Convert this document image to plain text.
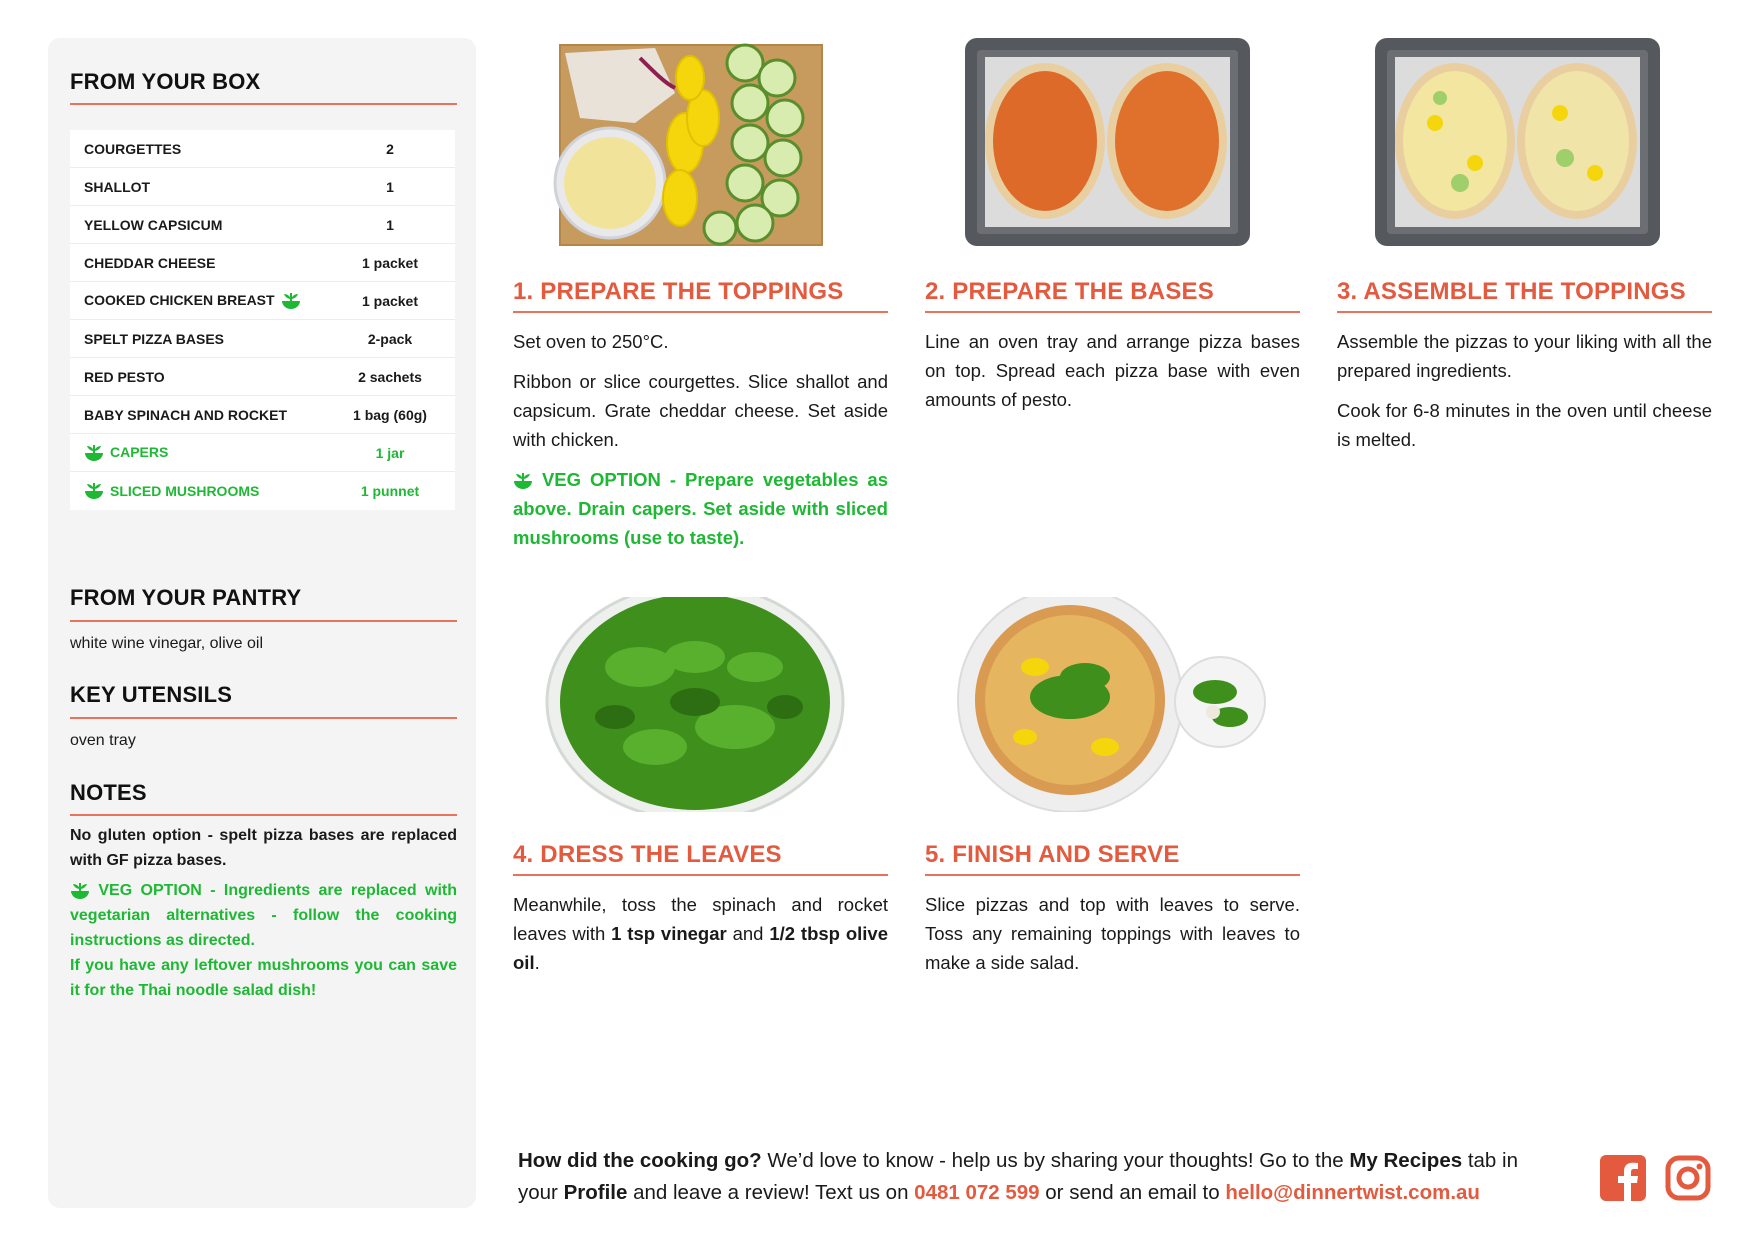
FROM YOUR BOX
COURGETTES	2
SHALLOT	1
YELLOW CAPSICUM	1
CHEDDAR CHEESE	1 packet
COOKED CHICKEN BREAST	1 packet
SPELT PIZZA BASES	2-pack
RED PESTO	2 sachets
BABY SPINACH AND ROCKET	1 bag (60g)
CAPERS	1 jar
SLICED MUSHROOMS	1 punnet
FROM YOUR PANTRY
white wine vinegar, olive oil
KEY UTENSILS
oven tray
NOTES
No gluten option - spelt pizza bases are replaced with GF pizza bases.
VEG OPTION - Ingredients are replaced with vegetarian alternatives - follow the cooking instructions as directed.
If you have any leftover mushrooms you can save it for the Thai noodle salad dish!
1. PREPARE THE TOPPINGS

Set oven to 250°C.

Ribbon or slice courgettes. Slice shallot and capsicum. Grate cheddar cheese. Set aside with chicken.

VEG OPTION - Prepare vegetables as above. Drain capers. Set aside with sliced mushrooms (use to taste).

2. PREPARE THE BASES

Line an oven tray and arrange pizza bases on top. Spread each pizza base with even amounts of pesto.

3. ASSEMBLE THE TOPPINGS

Assemble the pizzas to your liking with all the prepared ingredients.

Cook for 6-8 minutes in the oven until cheese is melted.

4. DRESS THE LEAVES

Meanwhile, toss the spinach and rocket leaves with 1 tsp vinegar and 1/2 tbsp olive oil.

5. FINISH AND SERVE

Slice pizzas and top with leaves to serve. Toss any remaining toppings with leaves to make a side salad.

How did the cooking go? We’d love to know - help us by sharing your thoughts! Go to the My Recipes tab in your Profile and leave a review! Text us on 0481 072 599 or send an email to hello@dinnertwist.com.au
